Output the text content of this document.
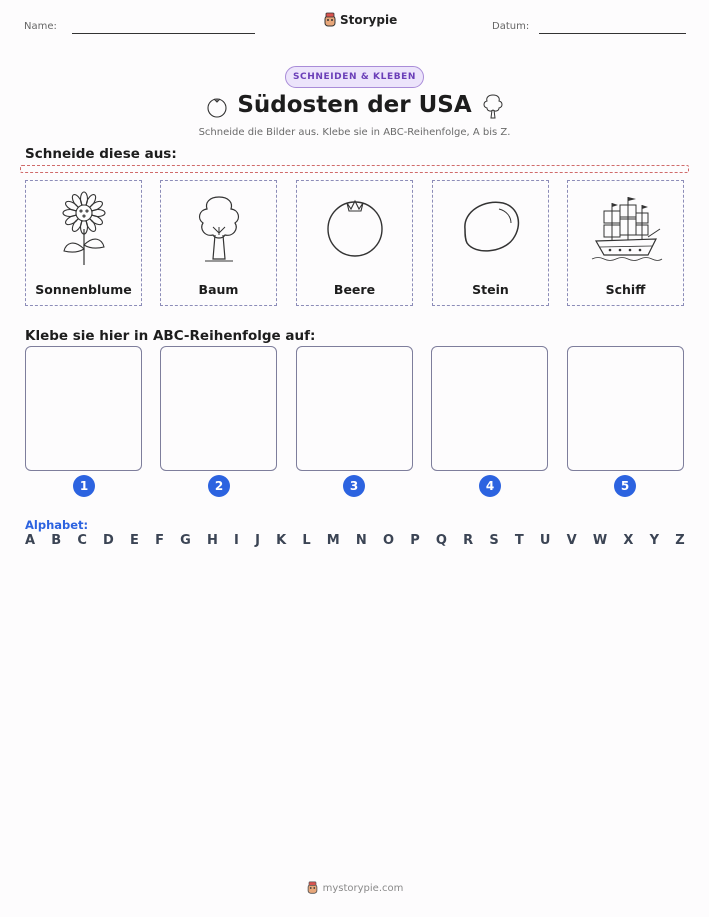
Name:	Storypie	Datum:
SCHNEIDEN & KLEBEN
Südosten der USA
Schneide die Bilder aus. Klebe sie in ABC-Reihenfolge, A bis Z.
Schneide diese aus:
Sonnenblume	Baum	Beere	Stein	Schiff
Klebe sie hier in ABC-Reihenfolge auf:
1	2	3	4	5
Alphabet:
A B C D E F G H I J K L M N O P Q R S T U V W X Y Z
mystorypie.com
